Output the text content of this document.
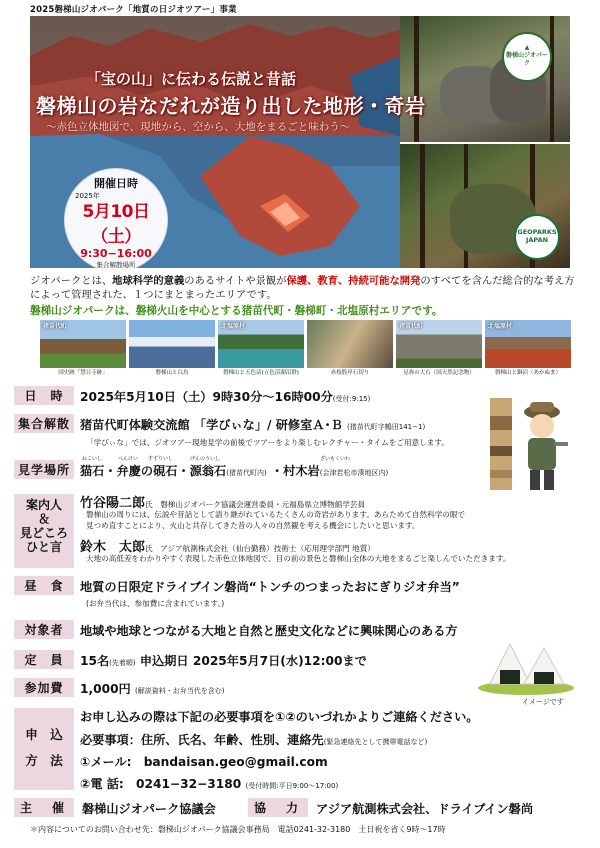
2025磐梯山ジオパーク「地質の日ジオツアー」事業
「宝の山」に伝わる伝説と昔話
磐梯山の岩なだれが造り出した地形・奇岩
～赤色立体地図で、現地から、空から、大地をまるごと味わう～
開催日時
2025年
5月10日（土）
9:30−16:00
集合解散場所
▲
磐梯山ジオパーク
GEOPARKS JAPAN
ジオパークとは、地球科学的意義のあるサイトや景観が保護、教育、持続可能な開発のすべてを含んだ総合的な考え方によって管理された、１つにまとまったエリアです。
磐梯山ジオパークは、磐梯火山を中心とする猪苗代町・磐梯町・北塩原村エリアです。
猪苗代町
国史跡「慧日寺跡」	磐梯山と白鳥
北塩原村
磐梯山と五色沼(五色沼湖沼群)	赤枝股岸石切り
猪苗代町
見祢の大石（国天然記念物）
北塩原村
磐梯山と銅沼（あかぬま）
日　時	2025年5月10日（土）9時30分～16時00分(受付:9:15)
集合解散 猪苗代町体験交流館 「学びぃな」/ 研修室Ａ･Ｂ (猪苗代町字鶴田141−1)
「学びぃな」では、ジオツアー現地見学の前後でツアーをより楽しむレクチャー・タイムをご用意します。
ねこいし	べんけい すずりいし	げんのういし	ざいもくいわ
見学場所 猫石・弁慶の硯石・源翁石(猪苗代町内) ・村木岩(会津若松市湊地区内)
案内人
＆
見どころ
ひと言
竹谷陽二郎氏　磐梯山ジオパーク協議会運営委員・元福島県立博物館学芸員
磐梯山の周りには、伝説や昔話として語り継がれているたくさんの奇岩があります。あらためて自然科学の眼で
見つめ直すことにより、火山と共存してきた昔の人々の自然観を考える機会にしたいと思います。
鈴木　太郎氏　アジア航測株式会社（仙台勤務）技術士（応用理学部門 地質）
大地の高低差をわかりやすく表現した赤色立体地図で、目の前の景色と磐梯山全体の大地をまるごと楽しんでいただきます。
昼　食	地質の日限定ドライブイン磐尚“トンチのつまったおにぎりジオ弁当”
(お弁当代は、参加費に含まれています。)
対象者	地域や地球とつながる大地と自然と歴史文化などに興味関心のある方
定　員	15名(先着順) 申込期日 2025年5月7日(水)12:00まで
イメージです
参加費	1,000円 (解説資料・お弁当代を含む)
申　込
方　法
お申し込みの際は下記の必要事項を①②のいづれかよりご連絡ください。
必要事項：住所、氏名、年齢、性別、連絡先(緊急連絡先として携帯電話など)
①メール:　bandaisan.geo@gmail.com
②電 話:　0241−32−3180 (受付時間:平日9:00～17:00)
主　催	磐梯山ジオパーク協議会	協　力	アジア航測株式会社、ドライブイン磐尚
＊内容についてのお問い合わせ先：磐梯山ジオパーク協議会事務局　電話0241-32-3180　土日祝を省く9時～17時
